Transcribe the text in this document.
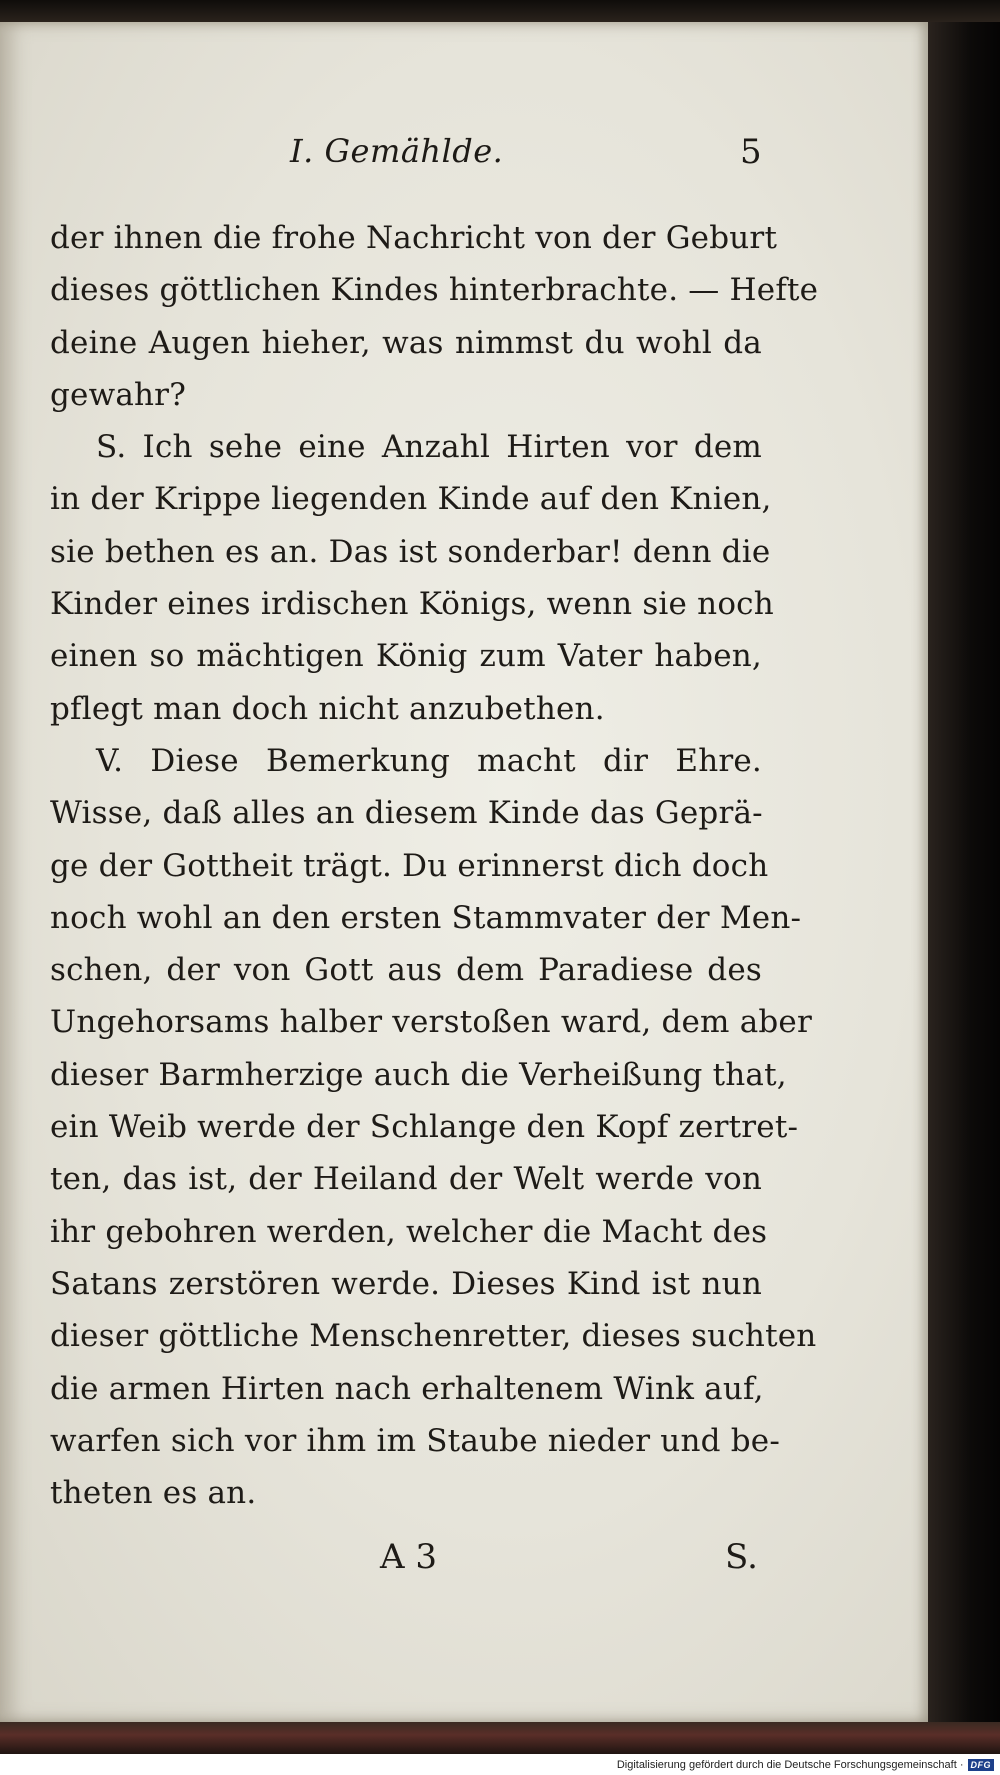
I. Gemählde.	5
der ihnen die frohe Nachricht von der Geburt
dieses göttlichen Kindes hinterbrachte. — Hefte
deine Augen hieher, was nimmst du wohl da
gewahr?
S. Ich sehe eine Anzahl Hirten vor dem
in der Krippe liegenden Kinde auf den Knien,
sie bethen es an. Das ist sonderbar! denn die
Kinder eines irdischen Königs, wenn sie noch
einen so mächtigen König zum Vater haben,
pflegt man doch nicht anzubethen.
V. Diese Bemerkung macht dir Ehre.
Wisse, daß alles an diesem Kinde das Geprä-
ge der Gottheit trägt. Du erinnerst dich doch
noch wohl an den ersten Stammvater der Men-
schen, der von Gott aus dem Paradiese des
Ungehorsams halber verstoßen ward, dem aber
dieser Barmherzige auch die Verheißung that,
ein Weib werde der Schlange den Kopf zertret-
ten, das ist, der Heiland der Welt werde von
ihr gebohren werden, welcher die Macht des
Satans zerstören werde. Dieses Kind ist nun
dieser göttliche Menschenretter, dieses suchten
die armen Hirten nach erhaltenem Wink auf,
warfen sich vor ihm im Staube nieder und be-
theten es an.
A 3	S.
Digitalisierung gefördert durch die Deutsche Forschungsgemeinschaft · DFG
